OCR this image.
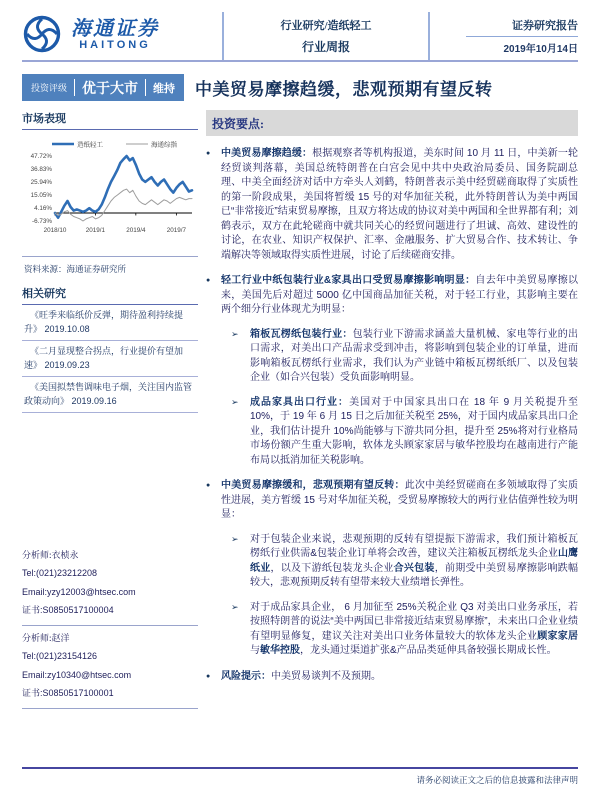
海通证券
HAITONG
行业研究/造纸轻工
行业周报
证券研究报告
2019年10月14日
投资评级 优于大市 维持 中美贸易摩擦趋缓，悲观预期有望反转
市场表现
造纸轻工	海通综指
47.72%
36.83%
25.94%
15.05%
4.16%
-6.73%
2018/10	2019/1	2019/4	2019/7
资料来源：海通证券研究所
相关研究
《旺季来临纸价反弹，期待盈利持续提升》 2019.10.08
《二月显现整合拐点，行业提价有望加速》 2019.09.23
《美国拟禁售调味电子烟，关注国内监管政策动向》 2019.09.16
分析师:衣桢永
Tel:(021)23212208
Email:yzy12003@htsec.com
证书:S0850517100004
分析师:赵洋
Tel:(021)23154126
Email:zy10340@htsec.com
证书:S0850517100001
投资要点:
●	中美贸易摩擦趋缓：根据观察者等机构报道，美东时间 10 月 11 日，中美新一轮经贸谈判落幕，美国总统特朗普在白宫会见中共中央政治局委员、国务院副总理、中美全面经济对话中方牵头人刘鹤，特朗普表示美中经贸磋商取得了实质性的第一阶段成果，美国将暂缓 15 号的对华加征关税，此外特朗普认为美中两国已“非常接近”结束贸易摩擦，且双方将达成的协议对美中两国和全世界都有利；刘鹤表示，双方在此轮磋商中就共同关心的经贸问题进行了坦诚、高效、建设性的讨论，在农业、知识产权保护、汇率、金融服务、扩大贸易合作、技术转让、争端解决等领域取得实质性进展，讨论了后续磋商安排。
●	轻工行业中纸包装行业&家具出口受贸易摩擦影响明显：自去年中美贸易摩擦以来，美国先后对超过 5000 亿中国商品加征关税，对于轻工行业，其影响主要在两个细分行业体现尤为明显：
➢	箱板瓦楞纸包装行业：包装行业下游需求涵盖大量机械、家电等行业的出口需求，对美出口产品需求受到冲击，将影响到包装企业的订单量，进而影响箱板瓦楞纸行业需求，我们认为产业链中箱板瓦楞纸纸厂、以及包装企业（如合兴包装）受负面影响明显。
➢	成品家具出口行业：美国对于中国家具出口在 18 年 9 月关税提升至 10%，于 19 年 6 月 15 日之后加征关税至 25%，对于国内成品家具出口企业，我们估计提升 10%尚能够与下游共同分担，提升至 25%将对行业格局市场份额产生重大影响，软体龙头顾家家居与敏华控股均在越南进行产能布局以抵消加征关税影响。
●	中美贸易摩擦缓和，悲观预期有望反转：此次中美经贸磋商在多领域取得了实质性进展，美方暂缓 15 号对华加征关税，受贸易摩擦较大的两行业估值弹性较为明显：
➢	对于包装企业来说，悲观预期的反转有望提振下游需求，我们预计箱板瓦楞纸行业供需&包装企业订单将会改善，建议关注箱板瓦楞纸龙头企业山鹰纸业，以及下游纸包装龙头企业合兴包装，前期受中美贸易摩擦影响跌幅较大，悲观预期反转有望带来较大业绩增长弹性。
➢	对于成品家具企业， 6 月加征至 25%关税企业 Q3 对美出口业务承压，若按照特朗普的说法“美中两国已非常接近结束贸易摩擦”，未来出口企业业绩有望明显修复，建议关注对美出口业务体量较大的软体龙头企业顾家家居与敏华控股，龙头通过渠道扩张&产品品类延伸具备较强长期成长性。
●	风险提示：中美贸易谈判不及预期。
请务必阅读正文之后的信息披露和法律声明
